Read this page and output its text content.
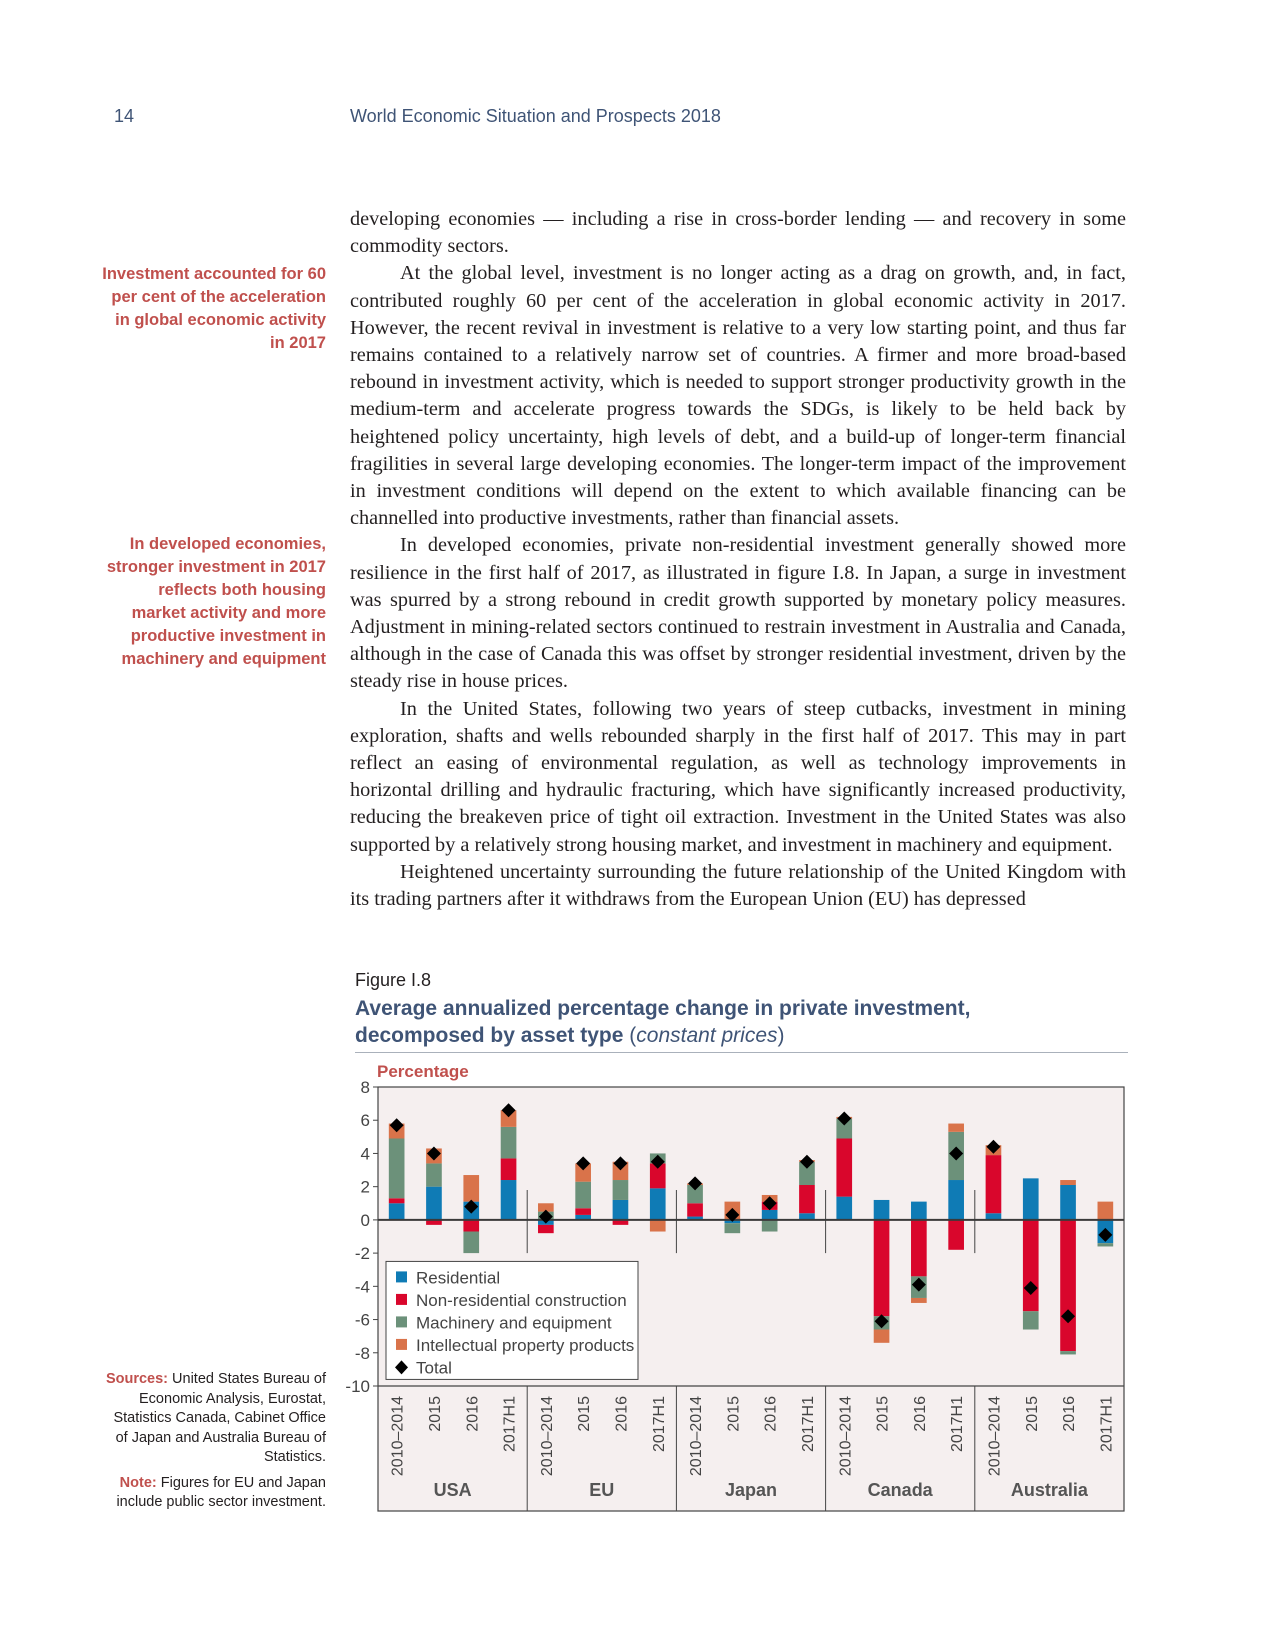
14	World Economic Situation and Prospects 2018
Investment accounted for 60 per cent of the acceleration in global economic activity in 2017
In developed economies, stronger investment in 2017 reflects both housing market activity and more productive investment in machinery and equipment

developing economies — including a rise in cross-border lending — and recovery in some commodity sectors.

At the global level, investment is no longer acting as a drag on growth, and, in fact, contributed roughly 60 per cent of the acceleration in global economic activity in 2017. However, the recent revival in investment is relative to a very low starting point, and thus far remains contained to a relatively narrow set of countries. A firmer and more broad-based rebound in investment activity, which is needed to support stronger productivity growth in the medium-term and accelerate progress towards the SDGs, is likely to be held back by heightened policy uncertainty, high levels of debt, and a build-up of longer-term financial fragilities in several large developing economies. The longer-term impact of the improvement in investment conditions will depend on the extent to which available financing can be channelled into productive investments, rather than financial assets.

In developed economies, private non-residential investment generally showed more resilience in the first half of 2017, as illustrated in figure I.8. In Japan, a surge in investment was spurred by a strong rebound in credit growth supported by monetary policy measures. Adjustment in mining-related sectors continued to restrain investment in Australia and Canada, although in the case of Canada this was offset by stronger residential investment, driven by the steady rise in house prices.

In the United States, following two years of steep cutbacks, investment in mining exploration, shafts and wells rebounded sharply in the first half of 2017. This may in part reflect an easing of environmental regulation, as well as technology improvements in horizontal drilling and hydraulic fracturing, which have significantly increased productivity, reducing the breakeven price of tight oil extraction. Investment in the United States was also supported by a relatively strong housing market, and investment in machinery and equipment.

Heightened uncertainty surrounding the future relationship of the United Kingdom with its trading partners after it withdraws from the European Union (EU) has depressed

Figure I.8
Average annualized percentage change in private investment, decomposed by asset type (constant prices)
Percentage
8
6
4
2
0
-2
-4
-6
-8
-10
2010–2014 2015 2016 2017H1 2010–2014 2015 2016 2017H1 2010–2014 2015 2016 2017H1 2010–2014 2015 2016 2017H1 2010–2014 2015 2016 2017H1
USA	EU	Japan	Canada	Australia
Residential
Non-residential construction
Machinery and equipment
Intellectual property products
Total
Sources: United States Bureau of Economic Analysis, Eurostat, Statistics Canada, Cabinet Office of Japan and Australia Bureau of Statistics.
Note: Figures for EU and Japan include public sector investment.
